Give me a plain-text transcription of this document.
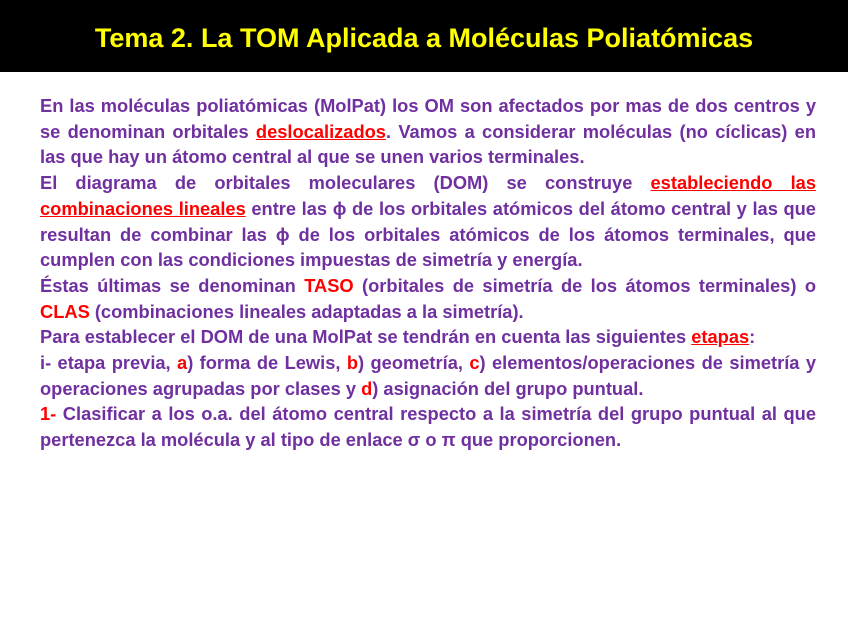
Tema 2. La TOM Aplicada a Moléculas Poliatómicas

En las moléculas poliatómicas (MolPat) los OM son afectados por mas de dos centros y se denominan orbitales deslocalizados. Vamos a considerar moléculas (no cíclicas) en las que hay un átomo central al que se unen varios terminales.

El diagrama de orbitales moleculares (DOM) se construye estableciendo las combinaciones lineales entre las ϕ de los orbitales atómicos del átomo central y las que resultan de combinar las ϕ de los orbitales atómicos de los átomos terminales, que cumplen con las condiciones impuestas de simetría y energía.

Éstas últimas se denominan TASO (orbitales de simetría de los átomos terminales) o CLAS (combinaciones lineales adaptadas a la simetría).

Para establecer el DOM de una MolPat se tendrán en cuenta las siguientes etapas:

i- etapa previa, a) forma de Lewis, b) geometría, c) elementos/operaciones de simetría y operaciones agrupadas por clases y d) asignación del grupo puntual.

1- Clasificar a los o.a. del átomo central respecto a la simetría del grupo puntual al que pertenezca la molécula y al tipo de enlace σ o π que proporcionen.
